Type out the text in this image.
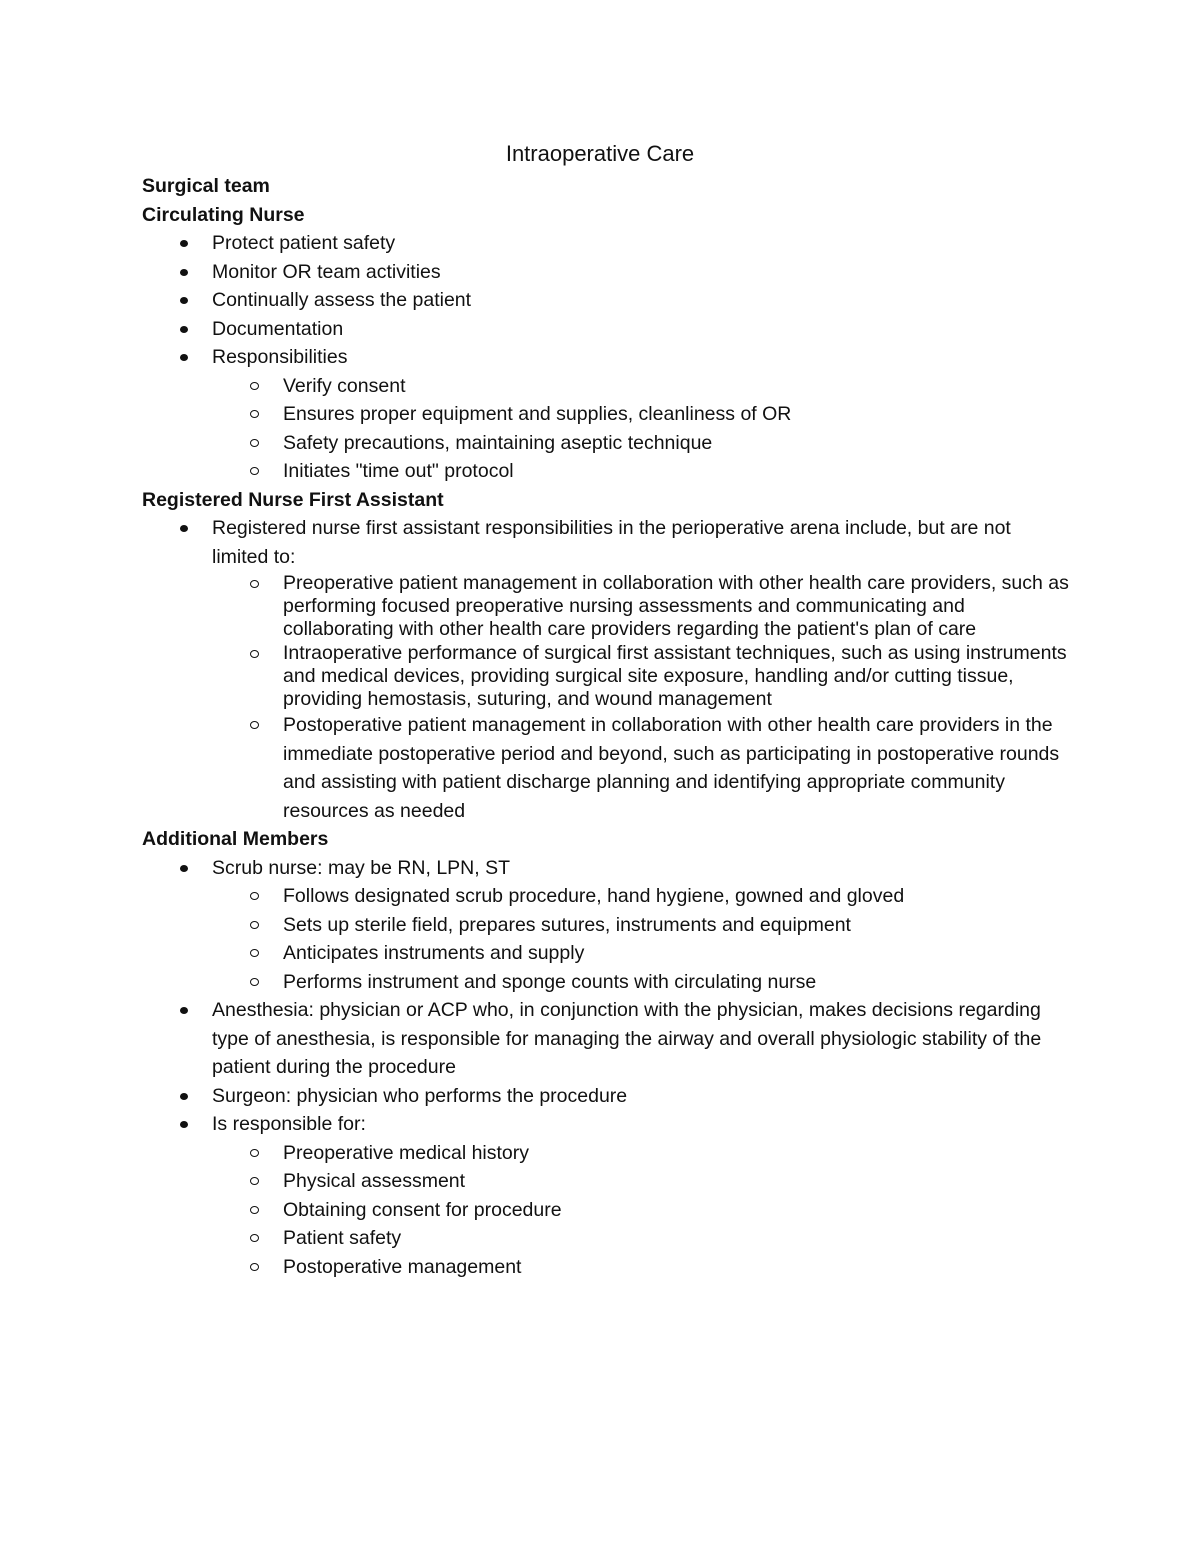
Intraoperative Care

Surgical team

Circulating Nurse

Protect patient safety
Monitor OR team activities
Continually assess the patient
Documentation
Responsibilities
Verify consent
Ensures proper equipment and supplies, cleanliness of OR
Safety precautions, maintaining aseptic technique
Initiates "time out" protocol

Registered Nurse First Assistant

Registered nurse first assistant responsibilities in the perioperative arena include, but are not limited to:
Preoperative patient management in collaboration with other health care providers, such as performing focused preoperative nursing assessments and communicating and collaborating with other health care providers regarding the patient's plan of care
Intraoperative performance of surgical first assistant techniques, such as using instruments and medical devices, providing surgical site exposure, handling and/or cutting tissue, providing hemostasis, suturing, and wound management
Postoperative patient management in collaboration with other health care providers in the immediate postoperative period and beyond, such as participating in postoperative rounds and assisting with patient discharge planning and identifying appropriate community resources as needed

Additional Members

Scrub nurse: may be RN, LPN, ST
Follows designated scrub procedure, hand hygiene, gowned and gloved
Sets up sterile field, prepares sutures, instruments and equipment
Anticipates instruments and supply
Performs instrument and sponge counts with circulating nurse
Anesthesia: physician or ACP who, in conjunction with the physician, makes decisions regarding type of anesthesia, is responsible for managing the airway and overall physiologic stability of the patient during the procedure
Surgeon: physician who performs the procedure
Is responsible for:
Preoperative medical history
Physical assessment
Obtaining consent for procedure
Patient safety
Postoperative management
